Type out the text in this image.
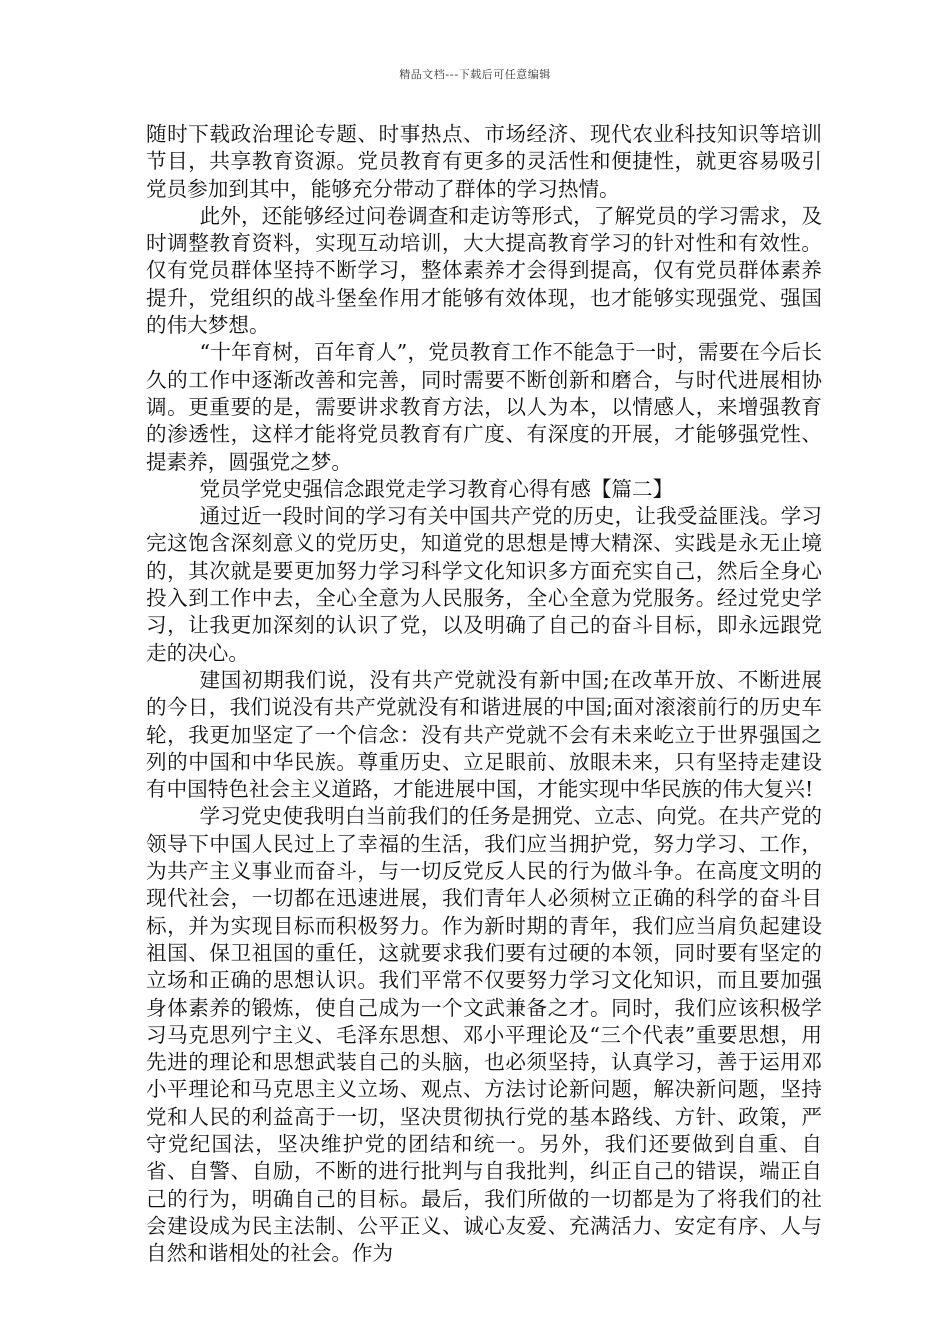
精品文档---下载后可任意编辑

随时下载政治理论专题、时事热点、市场经济、现代农业科技知识等培训节目，共享教育资源。党员教育有更多的灵活性和便捷性，就更容易吸引党员参加到其中，能够充分带动了群体的学习热情。

此外，还能够经过问卷调查和走访等形式，了解党员的学习需求，及时调整教育资料，实现互动培训，大大提高教育学习的针对性和有效性。仅有党员群体坚持不断学习，整体素养才会得到提高，仅有党员群体素养提升，党组织的战斗堡垒作用才能够有效体现，也才能够实现强党、强国的伟大梦想。

“十年育树，百年育人”，党员教育工作不能急于一时，需要在今后长久的工作中逐渐改善和完善，同时需要不断创新和磨合，与时代进展相协调。更重要的是，需要讲求教育方法，以人为本，以情感人，来增强教育的渗透性，这样才能将党员教育有广度、有深度的开展，才能够强党性、提素养，圆强党之梦。

党员学党史强信念跟党走学习教育心得有感【篇二】

通过近一段时间的学习有关中国共产党的历史，让我受益匪浅。学习完这饱含深刻意义的党历史，知道党的思想是博大精深、实践是永无止境的，其次就是要更加努力学习科学文化知识多方面充实自己，然后全身心投入到工作中去，全心全意为人民服务，全心全意为党服务。经过党史学习，让我更加深刻的认识了党，以及明确了自己的奋斗目标，即永远跟党走的决心。

建国初期我们说，没有共产党就没有新中国;在改革开放、不断进展的今日，我们说没有共产党就没有和谐进展的中国;面对滚滚前行的历史车轮，我更加坚定了一个信念：没有共产党就不会有未来屹立于世界强国之列的中国和中华民族。尊重历史、立足眼前、放眼未来，只有坚持走建设有中国特色社会主义道路，才能进展中国，才能实现中华民族的伟大复兴!

学习党史使我明白当前我们的任务是拥党、立志、向党。在共产党的领导下中国人民过上了幸福的生活，我们应当拥护党，努力学习、工作，为共产主义事业而奋斗，与一切反党反人民的行为做斗争。在高度文明的现代社会，一切都在迅速进展，我们青年人必须树立正确的科学的奋斗目标，并为实现目标而积极努力。作为新时期的青年，我们应当肩负起建设祖国、保卫祖国的重任，这就要求我们要有过硬的本领，同时要有坚定的立场和正确的思想认识。我们平常不仅要努力学习文化知识，而且要加强身体素养的锻炼，使自己成为一个文武兼备之才。同时，我们应该积极学习马克思列宁主义、毛泽东思想、邓小平理论及“三个代表”重要思想，用先进的理论和思想武装自己的头脑，也必须坚持，认真学习，善于运用邓小平理论和马克思主义立场、观点、方法讨论新问题，解决新问题，坚持党和人民的利益高于一切，坚决贯彻执行党的基本路线、方针、政策，严守党纪国法，坚决维护党的团结和统一。另外，我们还要做到自重、自省、自警、自励，不断的进行批判与自我批判，纠正自己的错误，端正自己的行为，明确自己的目标。最后，我们所做的一切都是为了将我们的社会建设成为民主法制、公平正义、诚心友爱、充满活力、安定有序、人与自然和谐相处的社会。作为
